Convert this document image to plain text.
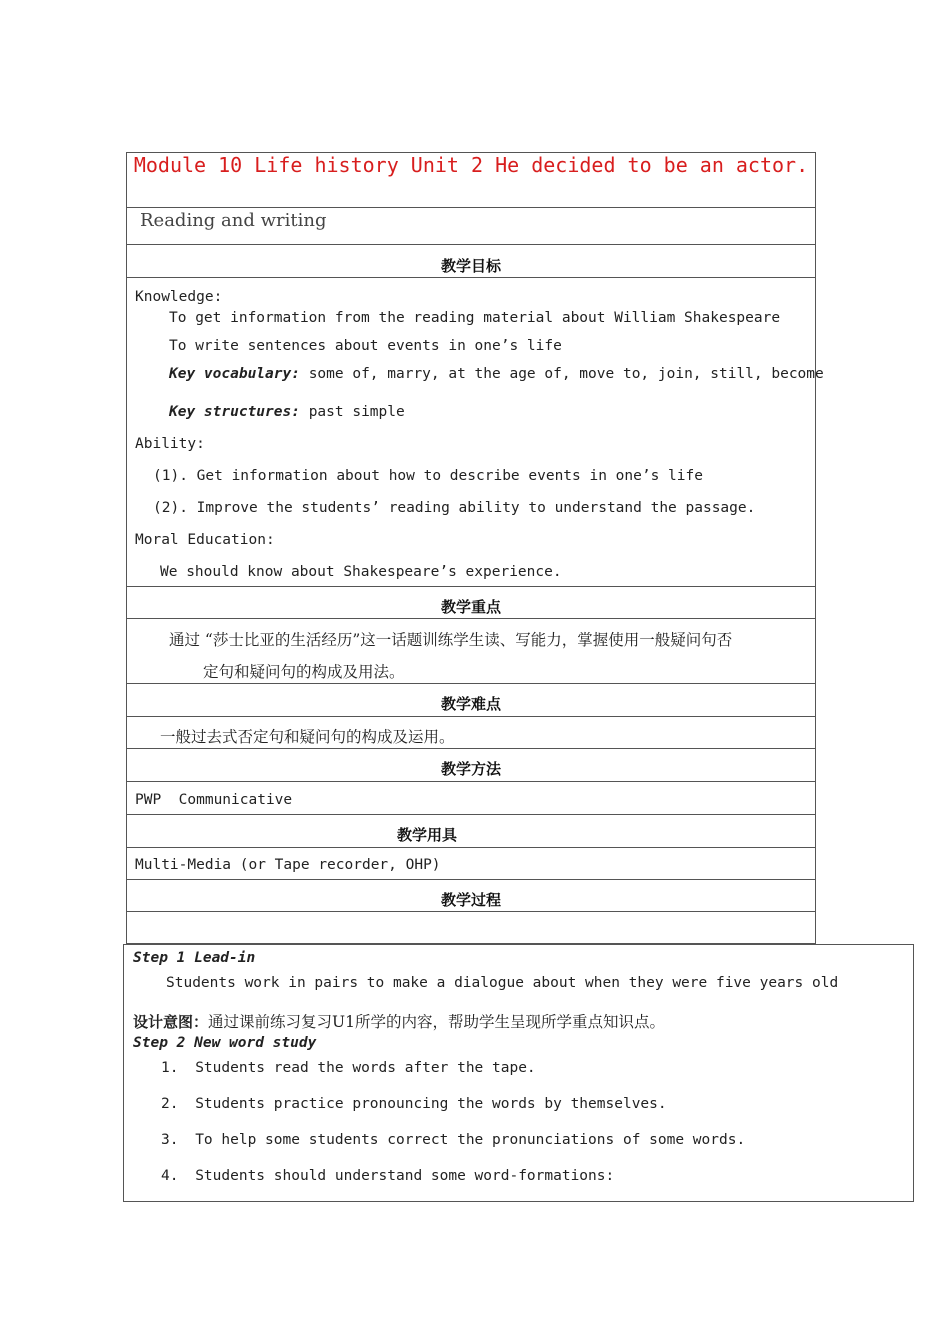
Module 10 Life history Unit 2 He decided to be an actor.
Reading and writing
教学目标
Knowledge:
To get information from the reading material about William Shakespeare
To write sentences about events in one’s life
Key vocabulary: some of, marry, at the age of, move to, join, still, become
Key structures: past simple
Ability:
(1). Get information about how to describe events in one’s life
(2). Improve the students’ reading ability to understand the passage.
Moral Education:
We should know about Shakespeare’s experience.
教学重点
通过 “莎士比亚的生活经历”这一话题训练学生读、写能力，掌握使用一般疑问句否
定句和疑问句的构成及用法。
教学难点
一般过去式否定句和疑问句的构成及运用。
教学方法
PWP  Communicative
教学用具
Multi-Media (or Tape recorder, OHP)
教学过程
Step 1 Lead-in
Students work in pairs to make a dialogue about when they were five years old
设计意图：通过课前练习复习U1所学的内容，帮助学生呈现所学重点知识点。
Step 2 New word study
1. Students read the words after the tape.
2. Students practice pronouncing the words by themselves.
3. To help some students correct the pronunciations of some words.
4. Students should understand some word-formations:
